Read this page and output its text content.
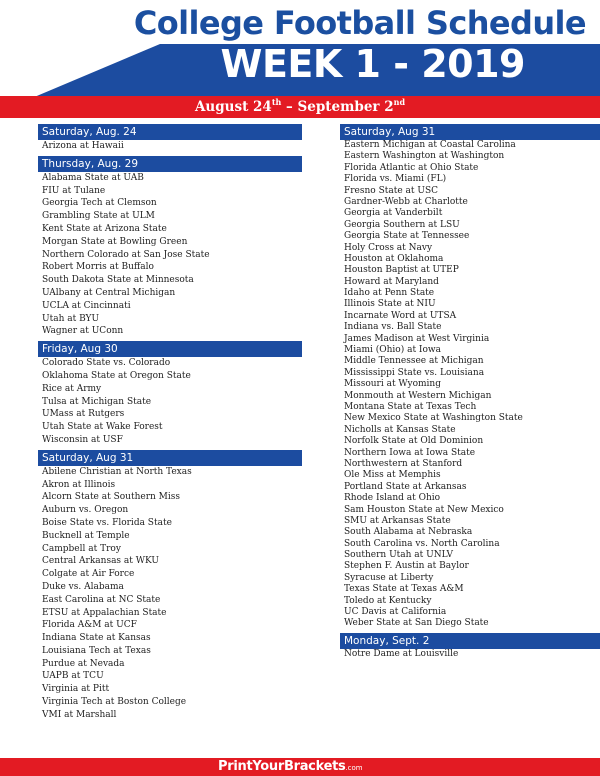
College Football Schedule
WEEK 1 - 2019
August 24th – September 2nd
Saturday, Aug. 24
Arizona at Hawaii
Thursday, Aug. 29
Alabama State at UAB
FIU at Tulane
Georgia Tech at Clemson
Grambling State at ULM
Kent State at Arizona State
Morgan State at Bowling Green
Northern Colorado at San Jose State
Robert Morris at Buffalo
South Dakota State at Minnesota
UAlbany at Central Michigan
UCLA at Cincinnati
Utah at BYU
Wagner at UConn
Friday, Aug 30
Colorado State vs. Colorado
Oklahoma State at Oregon State
Rice at Army
Tulsa at Michigan State
UMass at Rutgers
Utah State at Wake Forest
Wisconsin at USF
Saturday, Aug 31
Abilene Christian at North Texas
Akron at Illinois
Alcorn State at Southern Miss
Auburn vs. Oregon
Boise State vs. Florida State
Bucknell at Temple
Campbell at Troy
Central Arkansas at WKU
Colgate at Air Force
Duke vs. Alabama
East Carolina at NC State
ETSU at Appalachian State
Florida A&M at UCF
Indiana State at Kansas
Louisiana Tech at Texas
Purdue at Nevada
UAPB at TCU
Virginia at Pitt
Virginia Tech at Boston College
VMI at Marshall
Saturday, Aug 31
Eastern Michigan at Coastal Carolina
Eastern Washington at Washington
Florida Atlantic at Ohio State
Florida vs. Miami (FL)
Fresno State at USC
Gardner-Webb at Charlotte
Georgia at Vanderbilt
Georgia Southern at LSU
Georgia State at Tennessee
Holy Cross at Navy
Houston at Oklahoma
Houston Baptist at UTEP
Howard at Maryland
Idaho at Penn State
Illinois State at NIU
Incarnate Word at UTSA
Indiana vs. Ball State
James Madison at West Virginia
Miami (Ohio) at Iowa
Middle Tennessee at Michigan
Mississippi State vs. Louisiana
Missouri at Wyoming
Monmouth at Western Michigan
Montana State at Texas Tech
New Mexico State at Washington State
Nicholls at Kansas State
Norfolk State at Old Dominion
Northern Iowa at Iowa State
Northwestern at Stanford
Ole Miss at Memphis
Portland State at Arkansas
Rhode Island at Ohio
Sam Houston State at New Mexico
SMU at Arkansas State
South Alabama at Nebraska
South Carolina vs. North Carolina
Southern Utah at UNLV
Stephen F. Austin at Baylor
Syracuse at Liberty
Texas State at Texas A&M
Toledo at Kentucky
UC Davis at California
Weber State at San Diego State
Monday, Sept. 2
Notre Dame at Louisville
PrintYourBrackets.com
